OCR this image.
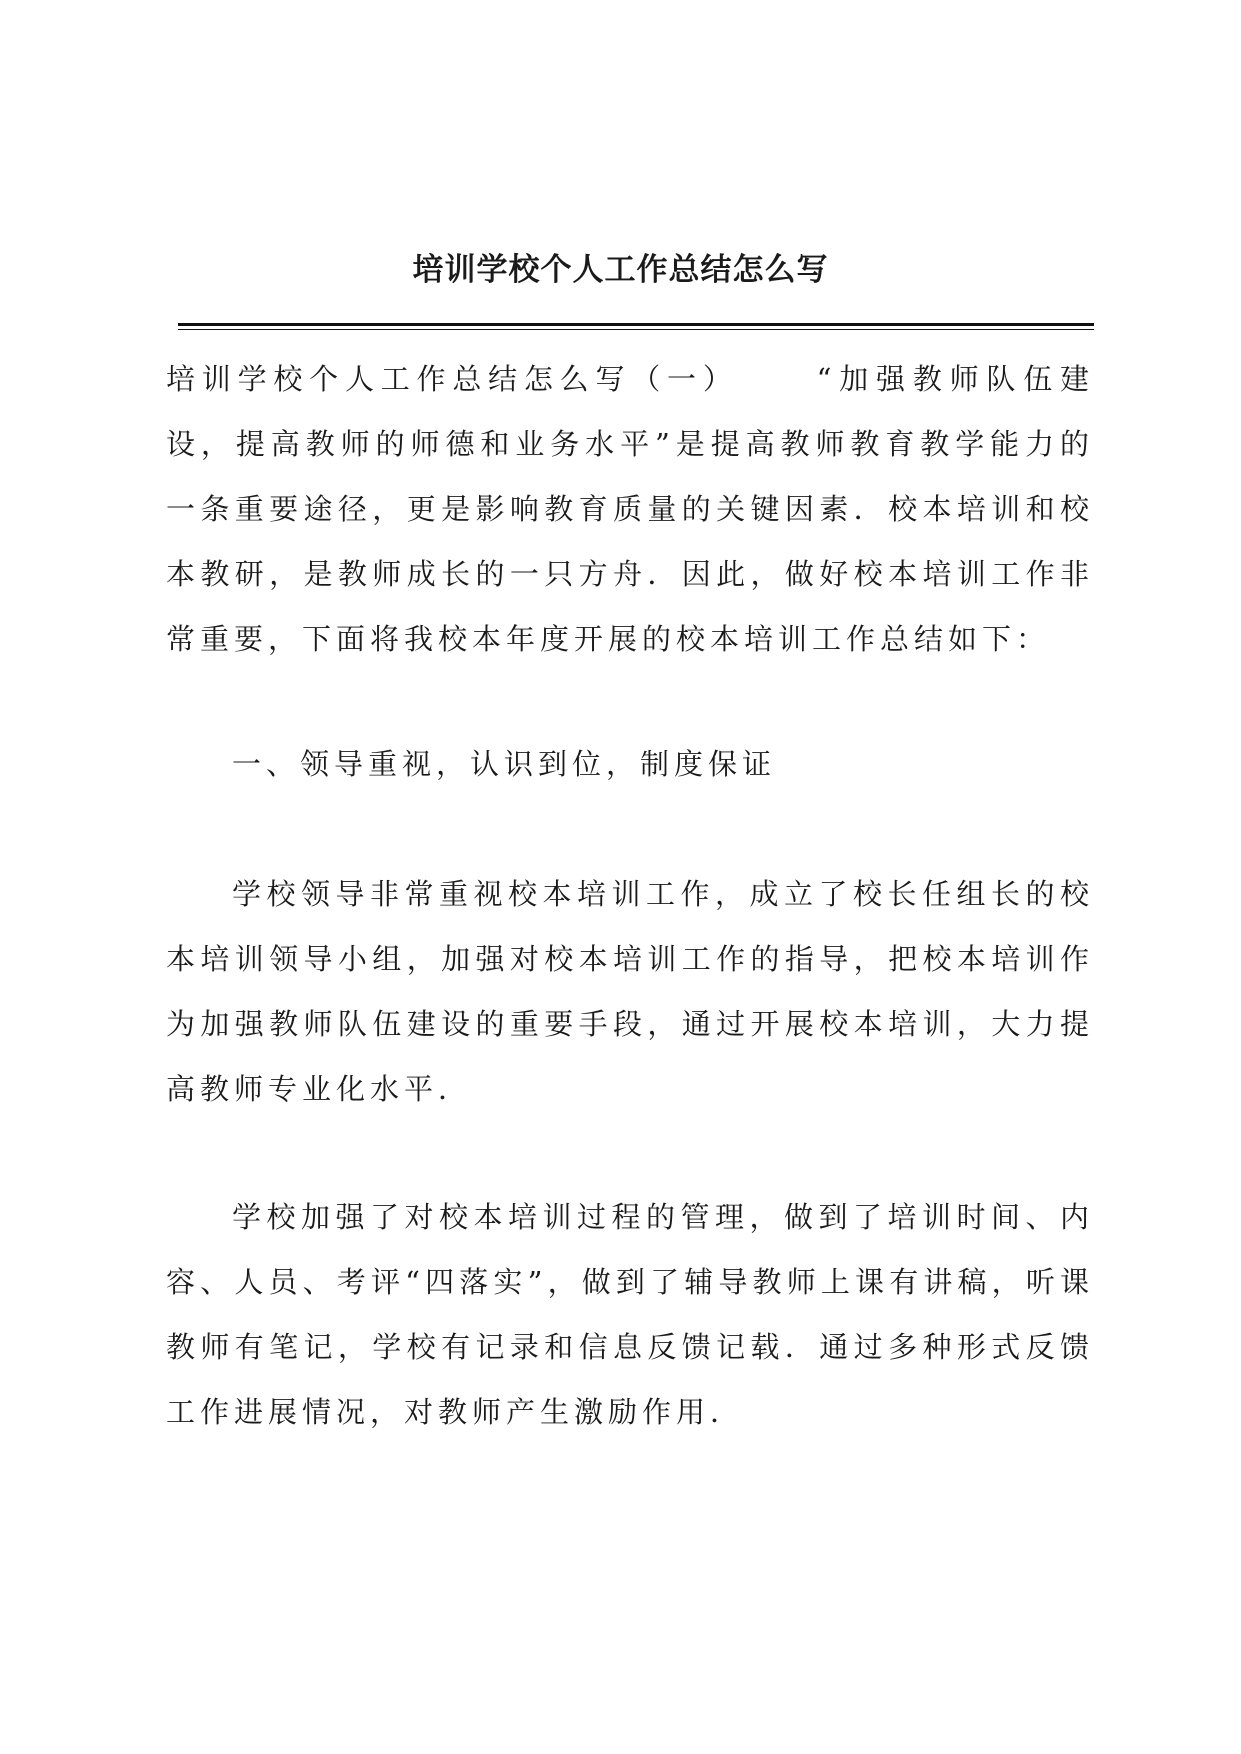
培训学校个人工作总结怎么写

培训学校个人工作总结怎么写（一）	“加强教师队伍建设，提高教师的师德和业务水平”是提高教师教育教学能力的一条重要途径，更是影响教育质量的关键因素．校本培训和校本教研，是教师成长的一只方舟．因此，做好校本培训工作非常重要，下面将我校本年度开展的校本培训工作总结如下：

一、领导重视，认识到位，制度保证

学校领导非常重视校本培训工作，成立了校长任组长的校本培训领导小组，加强对校本培训工作的指导，把校本培训作为加强教师队伍建设的重要手段，通过开展校本培训，大力提高教师专业化水平．

学校加强了对校本培训过程的管理，做到了培训时间、内容、人员、考评“四落实”，做到了辅导教师上课有讲稿，听课教师有笔记，学校有记录和信息反馈记载．通过多种形式反馈工作进展情况，对教师产生激励作用．
